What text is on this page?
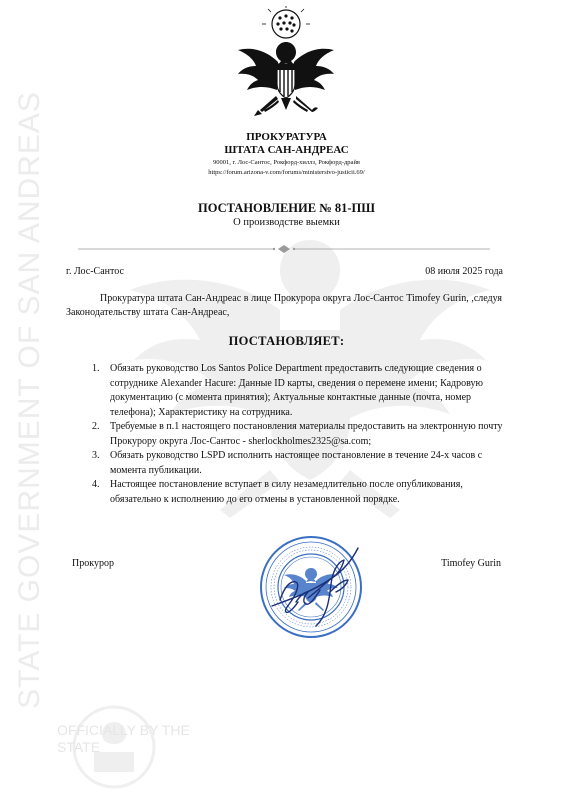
STATE GOVERNMENT OF SAN ANDREAS	ПРОКУРАТУРА
ШТАТА САН-АНДРЕАС
90001, г. Лос-Сантос, Рокфорд-хиллз, Рокфорд-драйв
https://forum.arizona-v.com/forums/ministerstvo-justicii.69/
ПОСТАНОВЛЕНИЕ № 81-ПШ
О производстве выемки
г. Лос-Сантос	08 июля 2025 года
Прокуратура штата Сан-Андреас в лице Прокурора округа Лос-Сантос Timofey Gurin, ,следуя Законодательству штата Сан-Андреас,
ПОСТАНОВЛЯЕТ:
1. Обязать руководство Los Santos Police Department предоставить следующие сведения о сотруднике Alexander Hacure: Данные ID карты, сведения о перемене имени; Кадровую документацию (с момента принятия); Актуальные контактные данные (почта, номер телефона); Характеристику на сотрудника.
2. Требуемые в п.1 настоящего постановления материалы предоставить на электронную почту Прокурору округа Лос-Сантос - sherlockholmes2325@sa.com;
3. Обязать руководство LSPD исполнить настоящее постановление в течение 24-х часов с момента публикации.
4. Настоящее постановление вступает в силу незамедлительно после опубликования, обязательно к исполнению до его отмены в установленной порядке.
Прокурор	Timofey Gurin
OFFICIALLY BY THE STATE
